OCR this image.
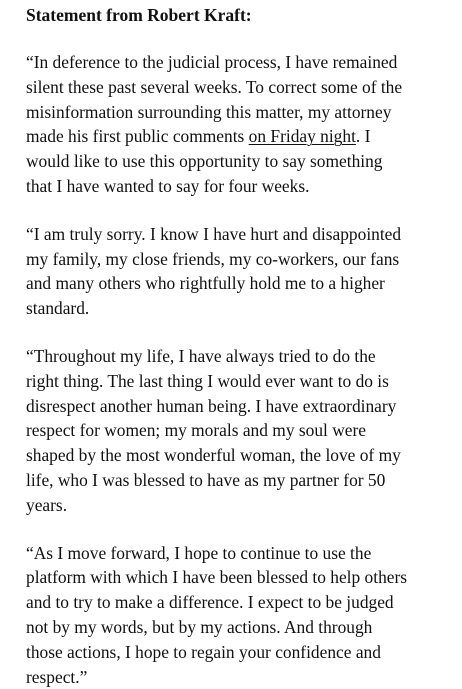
Statement from Robert Kraft:

“In deference to the judicial process, I have remained
silent these past several weeks. To correct some of the
misinformation surrounding this matter, my attorney
made his first public comments on Friday night. I
would like to use this opportunity to say something
that I have wanted to say for four weeks.

“I am truly sorry. I know I have hurt and disappointed
my family, my close friends, my co-workers, our fans
and many others who rightfully hold me to a higher
standard.

“Throughout my life, I have always tried to do the
right thing. The last thing I would ever want to do is
disrespect another human being. I have extraordinary
respect for women; my morals and my soul were
shaped by the most wonderful woman, the love of my
life, who I was blessed to have as my partner for 50
years.

“As I move forward, I hope to continue to use the
platform with which I have been blessed to help others
and to try to make a difference. I expect to be judged
not by my words, but by my actions. And through
those actions, I hope to regain your confidence and
respect.”
